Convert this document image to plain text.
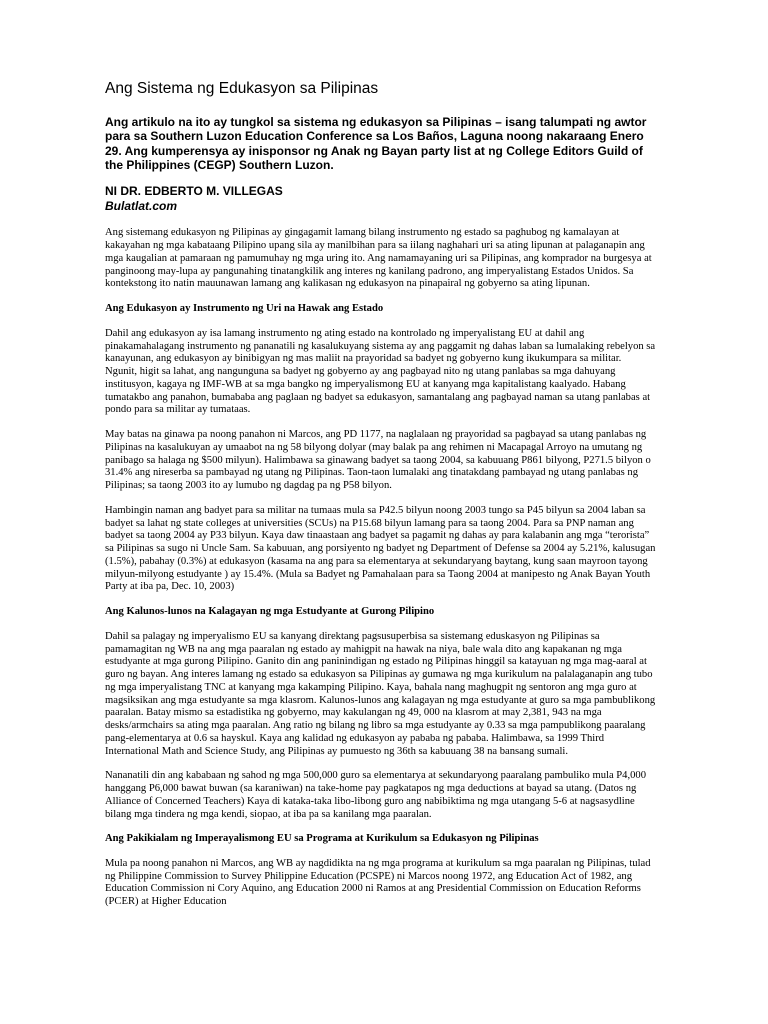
Ang Sistema ng Edukasyon sa Pilipinas

Ang artikulo na ito ay tungkol sa sistema ng edukasyon sa Pilipinas – isang talumpati ng awtor para sa Southern Luzon Education Conference sa Los Baños, Laguna noong nakaraang Enero 29. Ang kumperensya ay inisponsor ng Anak ng Bayan party list at ng College Editors Guild of the Philippines (CEGP) Southern Luzon.

NI DR. EDBERTO M. VILLEGAS

Bulatlat.com

Ang sistemang edukasyon ng Pilipinas ay gingagamit lamang bilang instrumento ng estado sa paghubog ng kamalayan at kakayahan ng mga kabataang Pilipino upang sila ay manilbihan para sa iilang naghahari uri sa ating lipunan at palaganapin ang mga kaugalian at pamaraan ng pamumuhay ng mga uring ito. Ang namamayaning uri sa Pilipinas, ang komprador na burgesya at panginoong may-lupa ay pangunahing tinatangkilik ang interes ng kanilang padrono, ang imperyalistang Estados Unidos. Sa kontekstong ito natin mauunawan lamang ang kalikasan ng edukasyon na pinapairal ng gobyerno sa ating lipunan.

Ang Edukasyon ay Instrumento ng Uri na Hawak ang Estado

Dahil ang edukasyon ay isa lamang instrumento ng ating estado na kontrolado ng imperyalistang EU at dahil ang pinakamahalagang instrumento ng pananatili ng kasalukuyang sistema ay ang paggamit ng dahas laban sa lumalaking rebelyon sa kanayunan, ang edukasyon ay binibigyan ng mas maliit na prayoridad sa badyet ng gobyerno kung ikukumpara sa militar. Ngunit, higit sa lahat, ang nangunguna sa badyet ng gobyerno ay ang pagbayad nito ng utang panlabas sa mga dahuyang institusyon, kagaya ng IMF-WB at sa mga bangko ng imperyalismong EU at kanyang mga kapitalistang kaalyado. Habang tumatakbo ang panahon, bumababa ang paglaan ng badyet sa edukasyon, samantalang ang pagbayad naman sa utang panlabas at pondo para sa militar ay tumataas.

May batas na ginawa pa noong panahon ni Marcos, ang PD 1177, na naglalaan ng prayoridad sa pagbayad sa utang panlabas ng Pilipinas na kasalukuyan ay umaabot na ng 58 bilyong dolyar (may balak pa ang rehimen ni Macapagal Arroyo na umutang ng panibago sa halaga ng $500 milyun). Halimbawa sa ginawang badyet sa taong 2004, sa kabuuang P861 bilyong, P271.5 bilyon o 31.4% ang nireserba sa pambayad ng utang ng Pilipinas. Taon-taon lumalaki ang tinatakdang pambayad ng utang panlabas ng Pilipinas; sa taong 2003 ito ay lumubo ng dagdag pa ng P58 bilyon.

Hambingin naman ang badyet para sa militar na tumaas mula sa P42.5 bilyun noong 2003 tungo sa P45 bilyun sa 2004 laban sa badyet sa lahat ng state colleges at universities (SCUs) na P15.68 bilyun lamang para sa taong 2004. Para sa PNP naman ang badyet sa taong 2004 ay P33 bilyun. Kaya daw tinaastaan ang badyet sa pagamit ng dahas ay para kalabanin ang mga “terorista” sa Pilipinas sa sugo ni Uncle Sam. Sa kabuuan, ang porsiyento ng badyet ng Department of Defense sa 2004 ay 5.21%, kalusugan (1.5%), pabahay (0.3%) at edukasyon (kasama na ang para sa elementarya at sekundaryang baytang, kung saan mayroon tayong milyun-milyong estudyante ) ay 15.4%. (Mula sa Badyet ng Pamahalaan para sa Taong 2004 at manipesto ng Anak Bayan Youth Party at iba pa, Dec. 10, 2003)

Ang Kalunos-lunos na Kalagayan ng mga Estudyante at Gurong Pilipino

Dahil sa palagay ng imperyalismo EU sa kanyang direktang pagsusuperbisa sa sistemang eduskasyon ng Pilipinas sa pamamagitan ng WB na ang mga paaralan ng estado ay mahigpit na hawak na niya, bale wala dito ang kapakanan ng mga estudyante at mga gurong Pilipino. Ganito din ang paninindigan ng estado ng Pilipinas hinggil sa katayuan ng mga mag-aaral at guro ng bayan. Ang interes lamang ng estado sa edukasyon sa Pilipinas ay gumawa ng mga kurikulum na palalaganapin ang tubo ng mga imperyalistang TNC at kanyang mga kakamping Pilipino. Kaya, bahala nang maghugpit ng sentoron ang mga guro at magsiksikan ang mga estudyante sa mga klasrom. Kalunos-lunos ang kalagayan ng mga estudyante at guro sa mga pambublikong paaralan. Batay mismo sa estadistika ng gobyerno, may kakulangan ng 49, 000 na klasrom at may 2,381, 943 na mga desks/armchairs sa ating mga paaralan. Ang ratio ng bilang ng libro sa mga estudyante ay 0.33 sa mga pampublikong paaralang pang-elementarya at 0.6 sa hayskul. Kaya ang kalidad ng edukasyon ay pababa ng pababa. Halimbawa, sa 1999 Third International Math and Science Study, ang Pilipinas ay pumuesto ng 36th sa kabuuang 38 na bansang sumali.

Nananatili din ang kababaan ng sahod ng mga 500,000 guro sa elementarya at sekundaryong paaralang pambuliko mula P4,000 hanggang P6,000 bawat buwan (sa karaniwan) na take-home pay pagkatapos ng mga deductions at bayad sa utang. (Datos ng Alliance of Concerned Teachers) Kaya di kataka-taka libo-libong guro ang nabibiktima ng mga utangang 5-6 at nagsasydline bilang mga tindera ng mga kendi, siopao, at iba pa sa kanilang mga paaralan.

Ang Pakikialam ng Imperayalismong EU sa Programa at Kurikulum sa Edukasyon ng Pilipinas

Mula pa noong panahon ni Marcos, ang WB ay nagdidikta na ng mga programa at kurikulum sa mga paaralan ng Pilipinas, tulad ng Philippine Commission to Survey Philippine Education (PCSPE) ni Marcos noong 1972, ang Education Act of 1982, ang Education Commission ni Cory Aquino, ang Education 2000 ni Ramos at ang Presidential Commission on Education Reforms (PCER) at Higher Education
